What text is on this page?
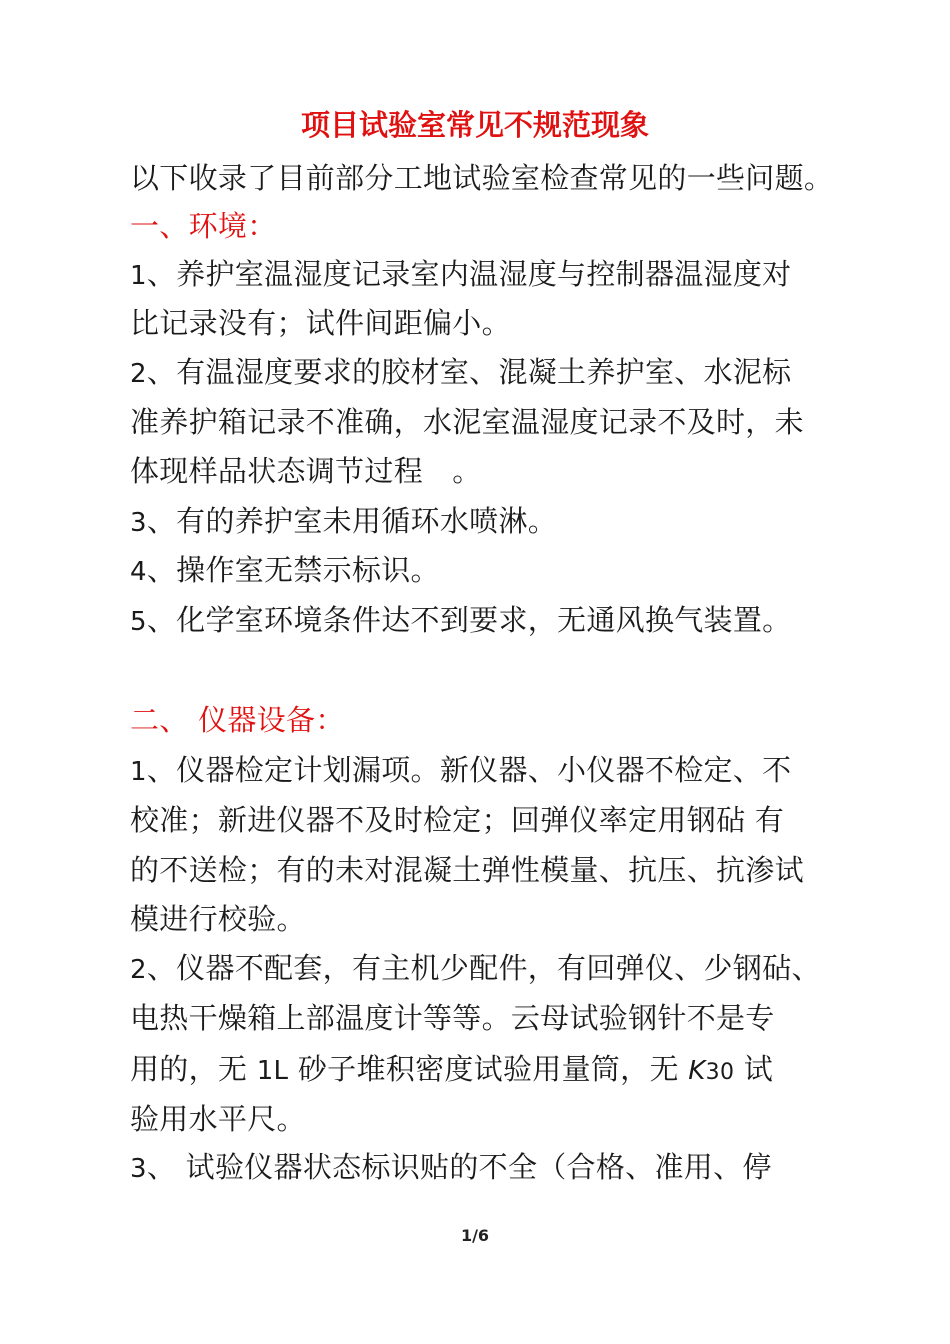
项目试验室常见不规范现象
以下收录了目前部分工地试验室检查常见的一些问题。
一、环境：
1、养护室温湿度记录室内温湿度与控制器温湿度对
比记录没有；试件间距偏小。
2、有温湿度要求的胶材室、混凝土养护室、水泥标
准养护箱记录不准确，水泥室温湿度记录不及时，未
体现样品状态调节过程　。
3、有的养护室未用循环水喷淋。
4、操作室无禁示标识。
5、化学室环境条件达不到要求，无通风换气装置。
二、 仪器设备：
1、仪器检定计划漏项。新仪器、小仪器不检定、不
校准；新进仪器不及时检定；回弹仪率定用钢砧 有
的不送检；有的未对混凝土弹性模量、抗压、抗渗试
模进行校验。
2、仪器不配套，有主机少配件，有回弹仪、少钢砧、
电热干燥箱上部温度计等等。云母试验钢针不是专
用的，无 1L 砂子堆积密度试验用量筒，无 K30 试
验用水平尺。
3、 试验仪器状态标识贴的不全（合格、准用、停
1/6
